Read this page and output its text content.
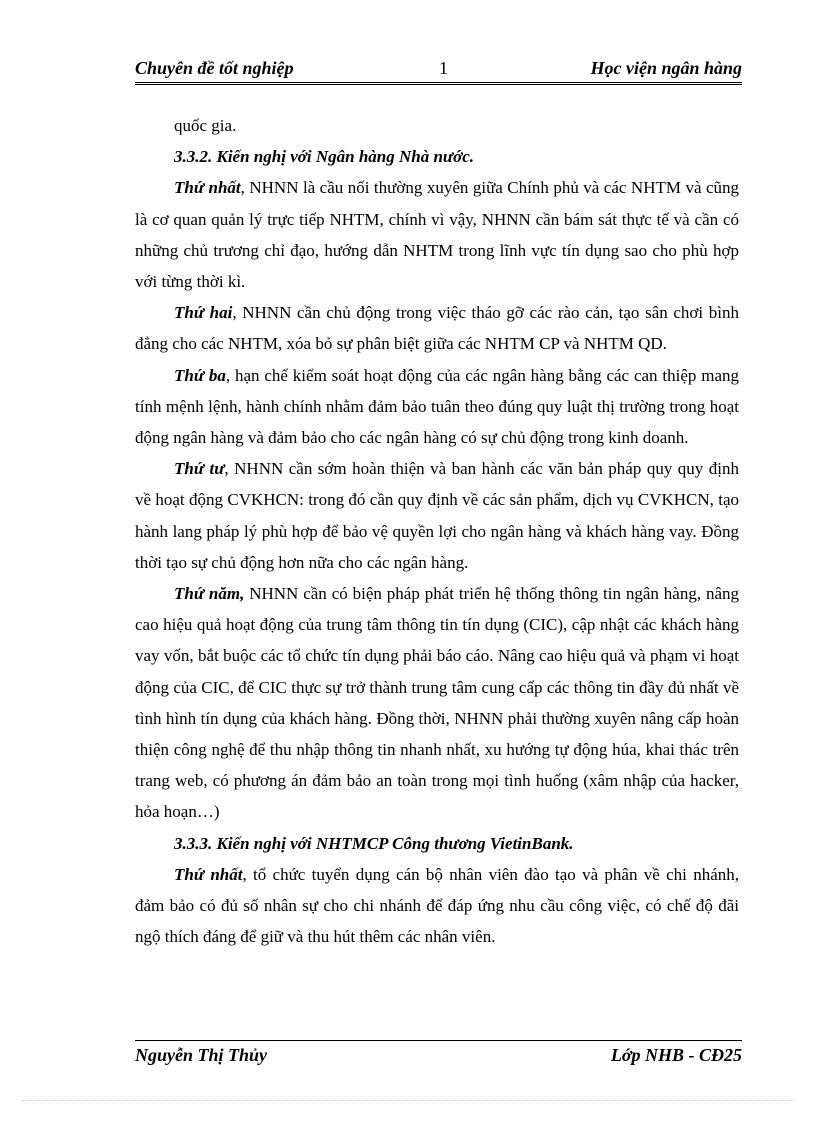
Chuyên đề tốt nghiệp	1	Học viện ngân hàng

quốc gia.

3.3.2. Kiến nghị với Ngân hàng Nhà nước.

Thứ nhất, NHNN là cầu nối thường xuyên giữa Chính phủ và các NHTM và cũng là cơ quan quản lý trực tiếp NHTM, chính vì vậy, NHNN cần bám sát thực tế và cần có những chủ trương chỉ đạo, hướng dẫn NHTM trong lĩnh vực tín dụng sao cho phù hợp với từng thời kì.

Thứ hai, NHNN cần chủ động trong việc tháo gỡ các rào cản, tạo sân chơi bình đẳng cho các NHTM, xóa bỏ sự phân biệt giữa các NHTM CP và NHTM QD.

Thứ ba, hạn chế kiểm soát hoạt động của các ngân hàng bằng các can thiệp mang tính mệnh lệnh, hành chính nhằm đảm bảo tuân theo đúng quy luật thị trường trong hoạt động ngân hàng và đảm bảo cho các ngân hàng có sự chủ động trong kinh doanh.

Thứ tư, NHNN cần sớm hoàn thiện và ban hành các văn bản pháp quy quy định về hoạt động CVKHCN: trong đó cần quy định về các sản phẩm, dịch vụ CVKHCN, tạo hành lang pháp lý phù hợp để bảo vệ quyền lợi cho ngân hàng và khách hàng vay. Đồng thời tạo sự chủ động hơn nữa cho các ngân hàng.

Thứ năm, NHNN cần có biện pháp phát triển hệ thống thông tin ngân hàng, nâng cao hiệu quả hoạt động của trung tâm thông tin tín dụng (CIC), cập nhật các khách hàng vay vốn, bắt buộc các tổ chức tín dụng phải báo cáo. Nâng cao hiệu quả và phạm vi hoạt động của CIC, để CIC thực sự trở thành trung tâm cung cấp các thông tin đầy đủ nhất về tình hình tín dụng của khách hàng. Đồng thời, NHNN phải thường xuyên nâng cấp hoàn thiện công nghệ để thu nhập thông tin nhanh nhất, xu hướng tự động húa, khai thác trên trang web, có phương án đảm bảo an toàn trong mọi tình huống (xâm nhập của hacker, hỏa hoạn…)

3.3.3. Kiến nghị với NHTMCP Công thương VietinBank.

Thứ nhất, tổ chức tuyển dụng cán bộ nhân viên đào tạo và phân về chi nhánh, đảm bảo có đủ số nhân sự cho chi nhánh để đáp ứng nhu cầu công việc, có chế độ đãi ngộ thích đáng để giữ và thu hút thêm các nhân viên.

Nguyễn Thị Thủy	Lớp NHB - CĐ25
